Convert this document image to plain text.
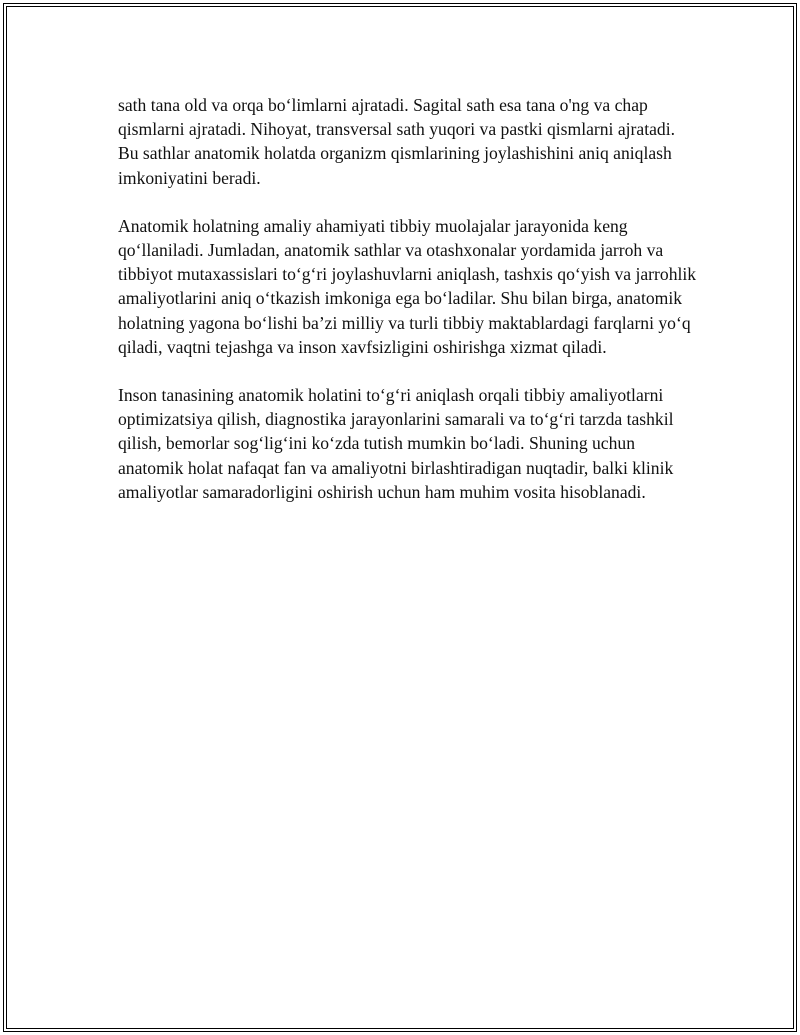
sath tana old va orqa bo‘limlarni ajratadi. Sagital sath esa tana o'ng va chap qismlarni ajratadi. Nihoyat, transversal sath yuqori va pastki qismlarni ajratadi. Bu sathlar anatomik holatda organizm qismlarining joylashishini aniq aniqlash imkoniyatini beradi.

Anatomik holatning amaliy ahamiyati tibbiy muolajalar jarayonida keng qo‘llaniladi. Jumladan, anatomik sathlar va otashxonalar yordamida jarroh va tibbiyot mutaxassislari to‘g‘ri joylashuvlarni aniqlash, tashxis qo‘yish va jarrohlik amaliyotlarini aniq o‘tkazish imkoniga ega bo‘ladilar. Shu bilan birga, anatomik holatning yagona bo‘lishi ba’zi milliy va turli tibbiy maktablardagi farqlarni yo‘q qiladi, vaqtni tejashga va inson xavfsizligini oshirishga xizmat qiladi.

Inson tanasining anatomik holatini to‘g‘ri aniqlash orqali tibbiy amaliyotlarni optimizatsiya qilish, diagnostika jarayonlarini samarali va to‘g‘ri tarzda tashkil qilish, bemorlar sog‘lig‘ini ko‘zda tutish mumkin bo‘ladi. Shuning uchun anatomik holat nafaqat fan va amaliyotni birlashtiradigan nuqtadir, balki klinik amaliyotlar samaradorligini oshirish uchun ham muhim vosita hisoblanadi.
